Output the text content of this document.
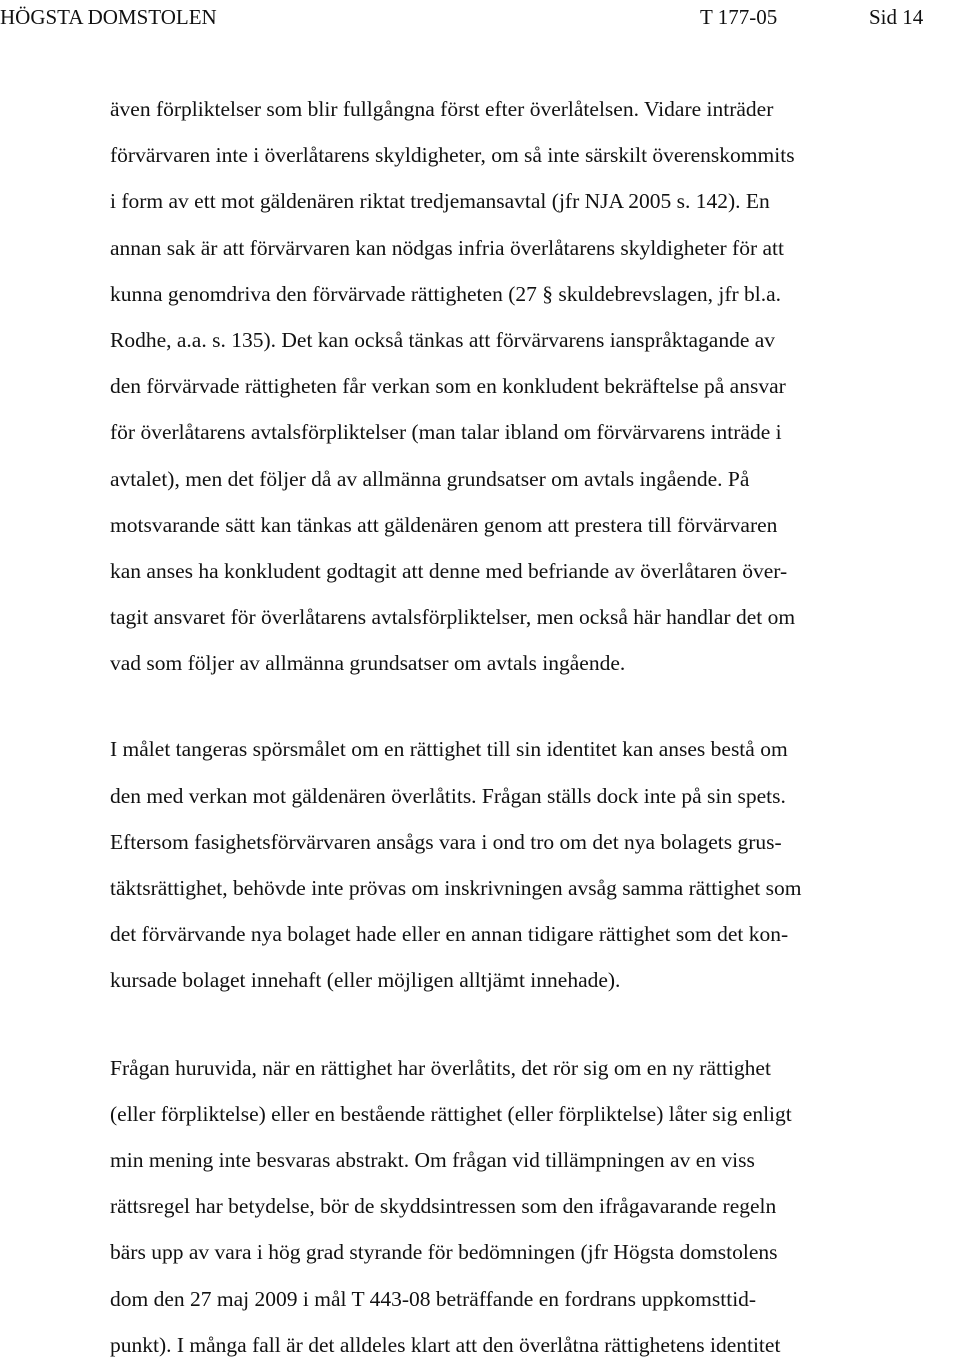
HÖGSTA DOMSTOLEN	T 177-05	Sid 14
även förpliktelser som blir fullgångna först efter överlåtelsen. Vidare inträder
förvärvaren inte i överlåtarens skyldigheter, om så inte särskilt överenskommits
i form av ett mot gäldenären riktat tredjemansavtal (jfr NJA 2005 s. 142). En
annan sak är att förvärvaren kan nödgas infria överlåtarens skyldigheter för att
kunna genomdriva den förvärvade rättigheten (27 § skuldebrevslagen, jfr bl.a.
Rodhe, a.a. s. 135). Det kan också tänkas att förvärvarens ianspråktagande av
den förvärvade rättigheten får verkan som en konkludent bekräftelse på ansvar
för överlåtarens avtalsförpliktelser (man talar ibland om förvärvarens inträde i
avtalet), men det följer då av allmänna grundsatser om avtals ingående. På
motsvarande sätt kan tänkas att gäldenären genom att prestera till förvärvaren
kan anses ha konkludent godtagit att denne med befriande av överlåtaren över-
tagit ansvaret för överlåtarens avtalsförpliktelser, men också här handlar det om
vad som följer av allmänna grundsatser om avtals ingående.
I målet tangeras spörsmålet om en rättighet till sin identitet kan anses bestå om
den med verkan mot gäldenären överlåtits. Frågan ställs dock inte på sin spets.
Eftersom fasighetsförvärvaren ansågs vara i ond tro om det nya bolagets grus-
täktsrättighet, behövde inte prövas om inskrivningen avsåg samma rättighet som
det förvärvande nya bolaget hade eller en annan tidigare rättighet som det kon-
kursade bolaget innehaft (eller möjligen alltjämt innehade).
Frågan huruvida, när en rättighet har överlåtits, det rör sig om en ny rättighet
(eller förpliktelse) eller en bestående rättighet (eller förpliktelse) låter sig enligt
min mening inte besvaras abstrakt. Om frågan vid tillämpningen av en viss
rättsregel har betydelse, bör de skyddsintressen som den ifrågavarande regeln
bärs upp av vara i hög grad styrande för bedömningen (jfr Högsta domstolens
dom den 27 maj 2009 i mål T 443-08 beträffande en fordrans uppkomsttid-
punkt). I många fall är det alldeles klart att den överlåtna rättighetens identitet
